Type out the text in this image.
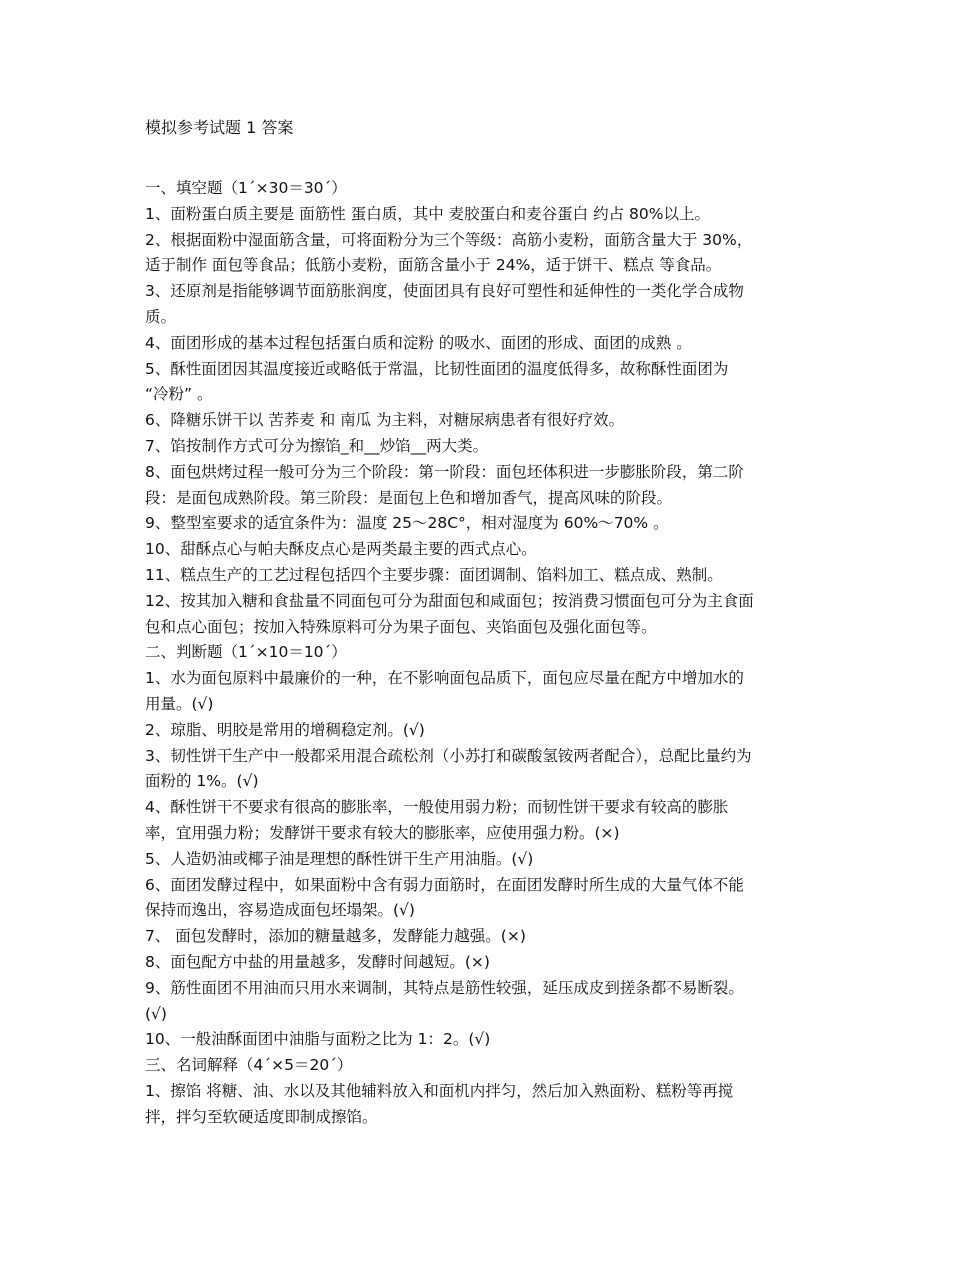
模拟参考试题 1 答案
一、填空题（1´×30＝30´）
1、面粉蛋白质主要是 面筋性 蛋白质，其中 麦胶蛋白和麦谷蛋白 约占 80%以上。
2、根据面粉中湿面筋含量，可将面粉分为三个等级：高筋小麦粉，面筋含量大于 30%，
适于制作 面包等食品；低筋小麦粉，面筋含量小于 24%，适于饼干、糕点 等食品。
3、还原剂是指能够调节面筋胀润度，使面团具有良好可塑性和延伸性的一类化学合成物
质。
4、面团形成的基本过程包括蛋白质和淀粉 的吸水、面团的形成、面团的成熟 。
5、酥性面团因其温度接近或略低于常温，比韧性面团的温度低得多，故称酥性面团为
“冷粉” 。
6、降糖乐饼干以 苦荞麦 和 南瓜 为主料，对糖尿病患者有很好疗效。
7、馅按制作方式可分为擦馅_和__炒馅__两大类。
8、面包烘烤过程一般可分为三个阶段：第一阶段：面包坯体积进一步膨胀阶段，第二阶
段：是面包成熟阶段。第三阶段：是面包上色和增加香气，提高风味的阶段。
9、整型室要求的适宜条件为：温度 25～28C°，相对湿度为 60%～70% 。
10、甜酥点心与帕夫酥皮点心是两类最主要的西式点心。
11、糕点生产的工艺过程包括四个主要步骤：面团调制、馅料加工、糕点成、熟制。
12、按其加入糖和食盐量不同面包可分为甜面包和咸面包；按消费习惯面包可分为主食面
包和点心面包；按加入特殊原料可分为果子面包、夹馅面包及强化面包等。
二、判断题（1´×10＝10´）
1、水为面包原料中最廉价的一种，在不影响面包品质下，面包应尽量在配方中增加水的
用量。(√)
2、琼脂、明胶是常用的增稠稳定剂。(√)
3、韧性饼干生产中一般都采用混合疏松剂（小苏打和碳酸氢铵两者配合），总配比量约为
面粉的 1%。(√)
4、酥性饼干不要求有很高的膨胀率，一般使用弱力粉；而韧性饼干要求有较高的膨胀
率，宜用强力粉；发酵饼干要求有较大的膨胀率，应使用强力粉。(×)
5、人造奶油或椰子油是理想的酥性饼干生产用油脂。(√)
6、面团发酵过程中，如果面粉中含有弱力面筋时，在面团发酵时所生成的大量气体不能
保持而逸出，容易造成面包坯塌架。(√)
7、 面包发酵时，添加的糖量越多，发酵能力越强。(×)
8、面包配方中盐的用量越多，发酵时间越短。(×)
9、筋性面团不用油而只用水来调制，其特点是筋性较强，延压成皮到搓条都不易断裂。
(√)
10、一般油酥面团中油脂与面粉之比为 1：2。(√)
三、名词解释（4´×5＝20´）
1、擦馅 将糖、油、水以及其他辅料放入和面机内拌匀，然后加入熟面粉、糕粉等再搅
拌，拌匀至软硬适度即制成擦馅。
